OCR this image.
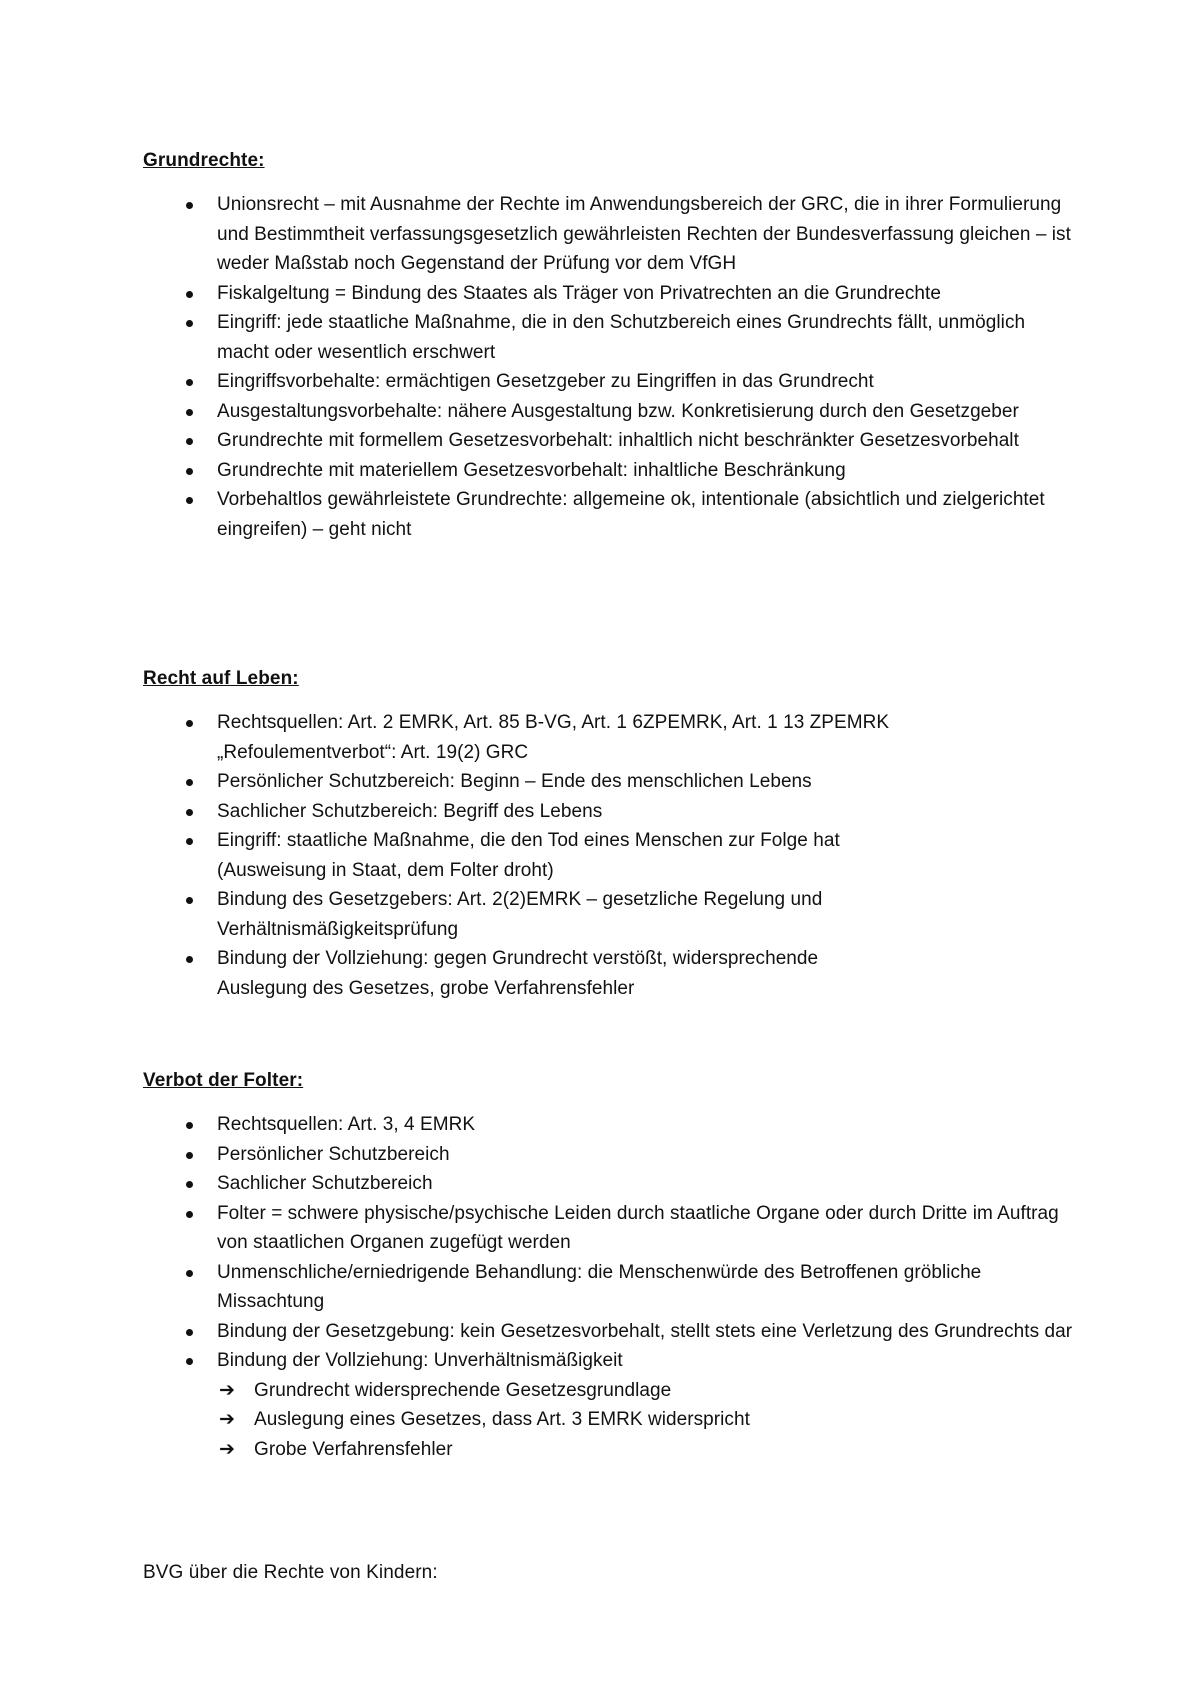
Grundrechte:

Unionsrecht – mit Ausnahme der Rechte im Anwendungsbereich der GRC, die in ihrer Formulierung und Bestimmtheit verfassungsgesetzlich gewährleisten Rechten der Bundesverfassung gleichen – ist weder Maßstab noch Gegenstand der Prüfung vor dem VfGH
Fiskalgeltung = Bindung des Staates als Träger von Privatrechten an die Grundrechte
Eingriff: jede staatliche Maßnahme, die in den Schutzbereich eines Grundrechts fällt, unmöglich macht oder wesentlich erschwert
Eingriffsvorbehalte: ermächtigen Gesetzgeber zu Eingriffen in das Grundrecht
Ausgestaltungsvorbehalte: nähere Ausgestaltung bzw. Konkretisierung durch den Gesetzgeber
Grundrechte mit formellem Gesetzesvorbehalt: inhaltlich nicht beschränkter Gesetzesvorbehalt
Grundrechte mit materiellem Gesetzesvorbehalt: inhaltliche Beschränkung
Vorbehaltlos gewährleistete Grundrechte: allgemeine ok, intentionale (absichtlich und zielgerichtet eingreifen) – geht nicht

Recht auf Leben:

Rechtsquellen: Art. 2 EMRK, Art. 85 B-VG, Art. 1 6ZPEMRK, Art. 1 13 ZPEMRK „Refoulementverbot“: Art. 19(2) GRC
Persönlicher Schutzbereich: Beginn – Ende des menschlichen Lebens
Sachlicher Schutzbereich: Begriff des Lebens
Eingriff: staatliche Maßnahme, die den Tod eines Menschen zur Folge hat (Ausweisung in Staat, dem Folter droht)
Bindung des Gesetzgebers: Art. 2(2)EMRK – gesetzliche Regelung und Verhältnismäßigkeitsprüfung
Bindung der Vollziehung: gegen Grundrecht verstößt, widersprechende Auslegung des Gesetzes, grobe Verfahrensfehler

Verbot der Folter:

Rechtsquellen: Art. 3, 4 EMRK
Persönlicher Schutzbereich
Sachlicher Schutzbereich
Folter = schwere physische/psychische Leiden durch staatliche Organe oder durch Dritte im Auftrag von staatlichen Organen zugefügt werden
Unmenschliche/erniedrigende Behandlung: die Menschenwürde des Betroffenen gröbliche Missachtung
Bindung der Gesetzgebung: kein Gesetzesvorbehalt, stellt stets eine Verletzung des Grundrechts dar
Bindung der Vollziehung: Unverhältnismäßigkeit
➔ Grundrecht widersprechende Gesetzesgrundlage
➔ Auslegung eines Gesetzes, dass Art. 3 EMRK widerspricht
➔ Grobe Verfahrensfehler

BVG über die Rechte von Kindern:
